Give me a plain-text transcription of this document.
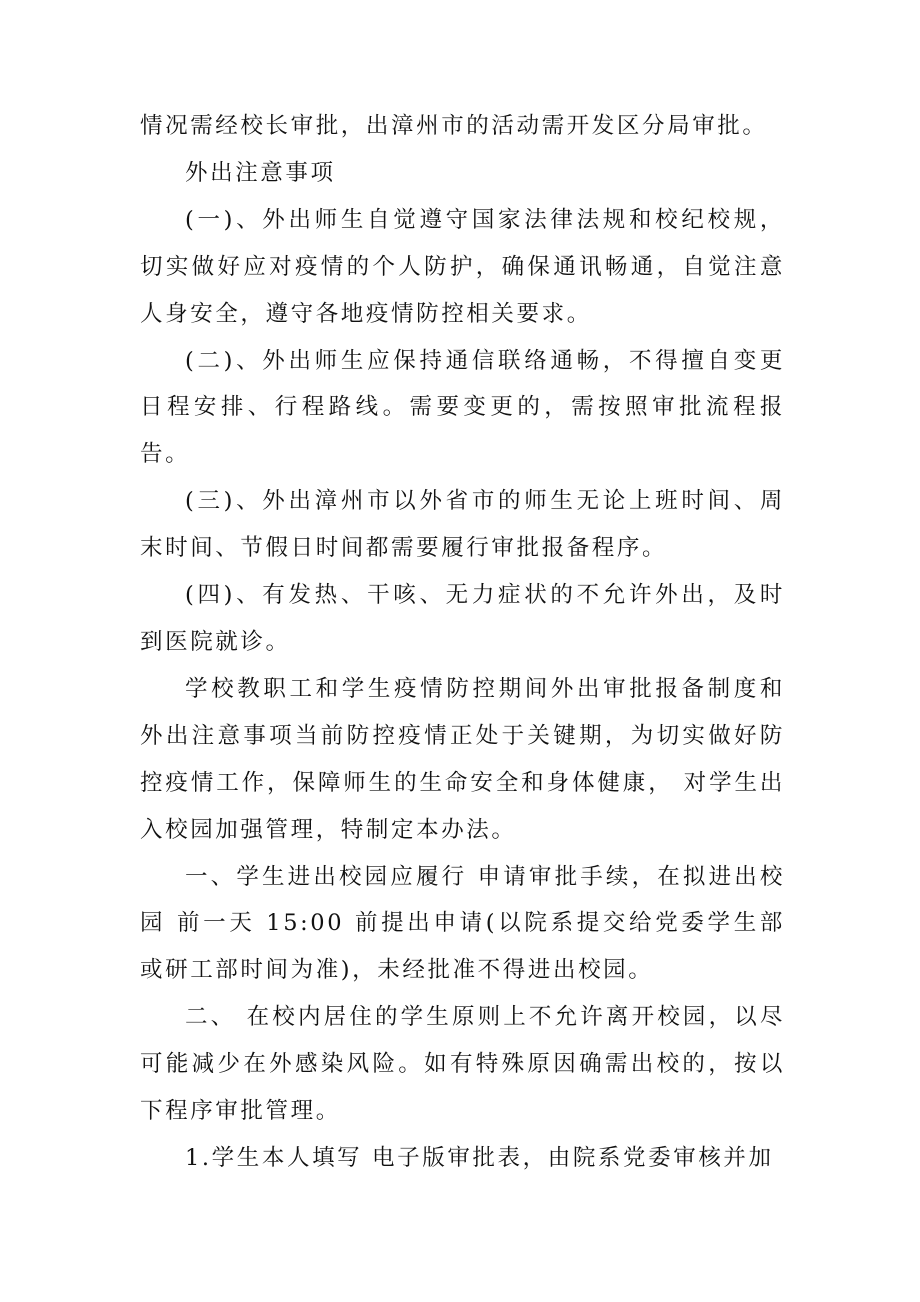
情况需经校长审批，出漳州市的活动需开发区分局审批。

外出注意事项

(一)、外出师生自觉遵守国家法律法规和校纪校规，切实做好应对疫情的个人防护，确保通讯畅通，自觉注意人身安全，遵守各地疫情防控相关要求。

(二)、外出师生应保持通信联络通畅，不得擅自变更日程安排、行程路线。需要变更的，需按照审批流程报告。

(三)、外出漳州市以外省市的师生无论上班时间、周末时间、节假日时间都需要履行审批报备程序。

(四)、有发热、干咳、无力症状的不允许外出，及时到医院就诊。

学校教职工和学生疫情防控期间外出审批报备制度和外出注意事项当前防控疫情正处于关键期，为切实做好防控疫情工作，保障师生的生命安全和身体健康， 对学生出入校园加强管理，特制定本办法。

一、学生进出校园应履行 申请审批手续，在拟进出校园 前一天 15:00 前提出申请(以院系提交给党委学生部或研工部时间为准)，未经批准不得进出校园。

二、 在校内居住的学生原则上不允许离开校园，以尽可能减少在外感染风险。如有特殊原因确需出校的，按以下程序审批管理。

1.学生本人填写 电子版审批表，由院系党委审核并加
